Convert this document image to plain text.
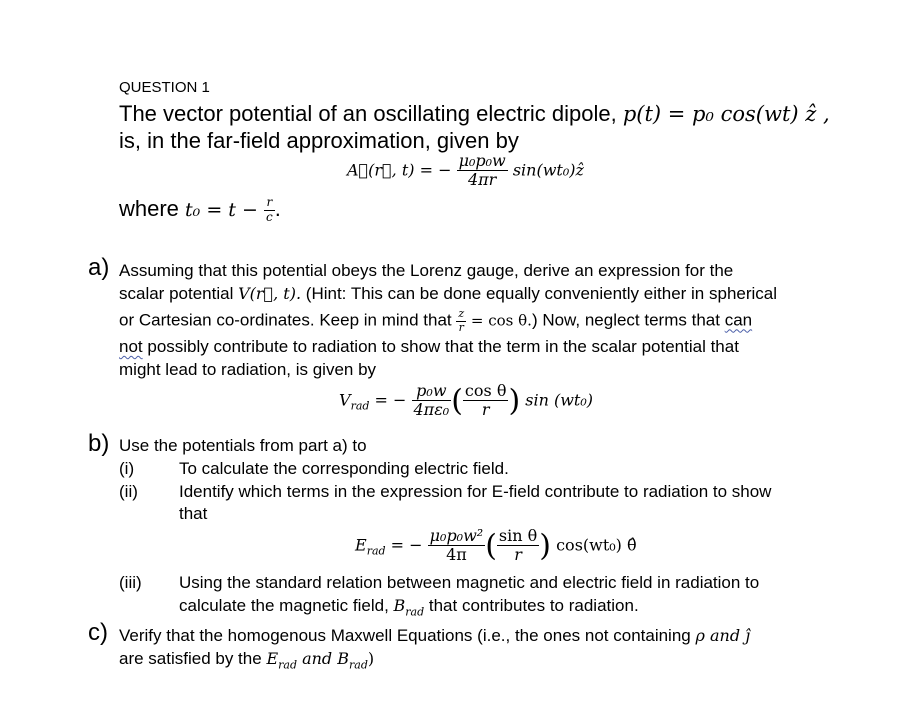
QUESTION 1
The vector potential of an oscillating electric dipole, p(t) = p₀ cos(wt) ẑ ,
is, in the far-field approximation, given by
A⃗(r⃗, t) = − $\frac{\text{μ₀p₀w}}{4\pi r}$ sin(wt₀)ẑ
where $t_0 = t - \frac{r}{c}$ .
a) Assuming that this potential obeys the Lorenz gauge, derive an expression for the
scalar potential V(r⃗, t). (Hint: This can be done equally conveniently either in spherical
or Cartesian co-ordinates. Keep in mind that $\frac{z}{r} = \cos \theta$.) Now, neglect terms that can
not possibly contribute to radiation to show that the term in the scalar potential that
might lead to radiation, is given by
$V_{rad}$ = − $\frac{\text{p₀w}}{\text{4πε₀}}$ ( $\frac{\text{cos θ}}{r}$ ) sin (wt₀)
b) Use the potentials from part a) to
(i)	To calculate the corresponding electric field.
(ii) Identify which terms in the expression for E-field contribute to radiation to show
that
$E_{rad}$ = − $\frac{\text{μ₀p₀w²}}{4\pi}$ ( $\frac{\text{sin θ}}{r}$ ) cos(wt₀) θ̂
(iii) Using the standard relation between magnetic and electric field in radiation to
calculate the magnetic field, $B_{rad}$ that contributes to radiation.
c) Verify that the homogenous Maxwell Equations (i.e., the ones not containing ρ and ĵ
are satisfied by the $E_{rad}$ and $B_{rad}$)
